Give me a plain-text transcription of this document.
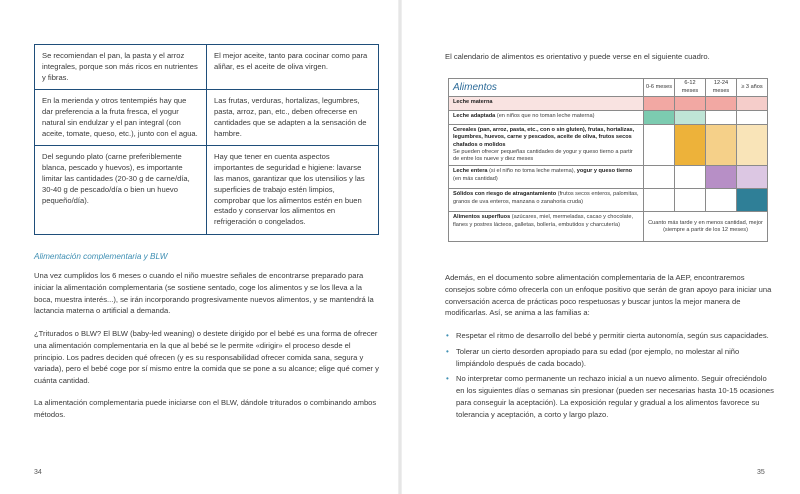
Se recomiendan el pan, la pasta y el arroz integrales, porque son más ricos en nutrientes y fibras.	El mejor aceite, tanto para cocinar como para aliñar, es el aceite de oliva virgen.
En la merienda y otros tentempiés hay que dar preferencia a la fruta fresca, el yogur natural sin endulzar y el pan integral (con aceite, tomate, queso, etc.), junto con el agua.	Las frutas, verduras, hortalizas, legumbres, pasta, arroz, pan, etc., deben ofrecerse en cantidades que se adapten a la sensación de hambre.
Del segundo plato (carne preferiblemente blanca, pescado y huevos), es importante limitar las cantidades (20-30 g de carne/día, 30-40 g de pescado/día o bien un huevo pequeño/día).	Hay que tener en cuenta aspectos importantes de seguridad e higiene: lavarse las manos, garantizar que los utensilios y las superficies de trabajo estén limpios, comprobar que los alimentos estén en buen estado y conservar los alimentos en refrigeración o congelados.
Alimentación complementaria y BLW

Una vez cumplidos los 6 meses o cuando el niño muestre señales de encontrarse preparado para iniciar la alimentación complementaria (se sostiene sentado, coge los alimentos y se los lleva a la boca, muestra interés...), se irán incorporando progresivamente nuevos alimentos, y se mantendrá la lactancia materna o artificial a demanda.

¿Triturados o BLW? El BLW (baby-led weaning) o destete dirigido por el bebé es una forma de ofrecer una alimentación complementaria en la que al bebé se le permite «dirigir» el proceso desde el principio. Los padres deciden qué ofrecen (y es su responsabilidad ofrecer comida sana, segura y variada), pero el bebé coge por sí mismo entre la comida que se pone a su alcance; elige qué comer y cuánta cantidad.

La alimentación complementaria puede iniciarse con el BLW, dándole triturados o combinando ambos métodos.

34

El calendario de alimentos es orientativo y puede verse en el siguiente cuadro.

Alimentos	0-6 meses	6-12 meses	12-24 meses	≥ 3 años
Leche materna				
Leche adaptada (en niños que no toman leche materna)				
Cereales (pan, arroz, pasta, etc., con o sin gluten), frutas, hortalizas, legumbres, huevos, carne y pescados, aceite de oliva, frutos secos chafados o molidos
Se pueden ofrecer pequeñas cantidades de yogur y queso tierno a partir de entre los nueve y diez meses				

Leche entera (si el niño no toma leche materna), yogur y queso tierno (en más cantidad)				
Sólidos con riesgo de atragantamiento (frutos secos enteros, palomitas, granos de uva enteros, manzana o zanahoria cruda)				
Alimentos superfluos (azúcares, miel, mermeladas, cacao y chocolate, flanes y postres lácteos, galletas, bollería, embutidos y charcutería)	Cuanto más tarde y en menos cantidad, mejor (siempre a partir de los 12 meses)			

Además, en el documento sobre alimentación complementaria de la AEP, encontraremos consejos sobre cómo ofrecerla con un enfoque positivo que serán de gran apoyo para iniciar una conversación acerca de prácticas poco respetuosas y buscar juntos la mejor manera de modificarlas. Así, se anima a las familias a:

• Respetar el ritmo de desarrollo del bebé y permitir cierta autonomía, según sus capacidades.
• Tolerar un cierto desorden apropiado para su edad (por ejemplo, no molestar al niño limpiándolo después de cada bocado).
• No interpretar como permanente un rechazo inicial a un nuevo alimento. Seguir ofreciéndolo en los siguientes días o semanas sin presionar (pueden ser necesarias hasta 10-15 ocasiones para conseguir la aceptación). La exposición regular y gradual a los alimentos favorece su tolerancia y aceptación, a corto y largo plazo.
35
